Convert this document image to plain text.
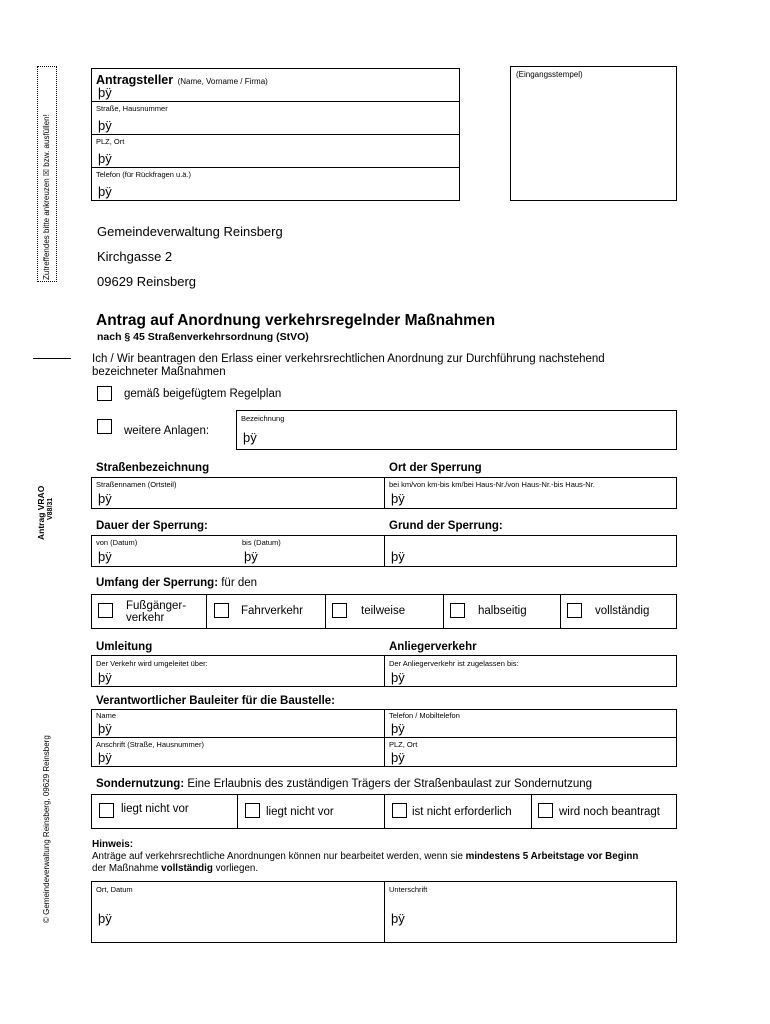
Zutreffendes bitte ankreuzen ☒ bzw. ausfüllen!
Antrag VRAO V88/31
© Gemeindeverwaltung Reinsberg, 09629 Reinsberg
Antragsteller (Name, Vorname / Firma)
þÿ
Straße, Hausnummer
þÿ
PLZ, Ort
þÿ
Telefon (für Rückfragen u.ä.)
þÿ
(Eingangsstempel)
Gemeindeverwaltung Reinsberg
Kirchgasse 2
09629 Reinsberg
Antrag auf Anordnung verkehrsregelnder Maßnahmen
nach § 45 Straßenverkehrsordnung (StVO)
Ich / Wir beantragen den Erlass einer verkehrsrechtlichen Anordnung zur Durchführung nachstehend
bezeichneter Maßnahmen
gemäß beigefügtem Regelplan
weitere Anlagen:
Bezeichnung
þÿ
Straßenbezeichnung	Ort der Sperrung
Straßennamen (Ortsteil)
þÿ
bei km/von km-bis km/bei Haus-Nr./von Haus-Nr.-bis Haus-Nr.
þÿ
Dauer der Sperrung:	Grund der Sperrung:
von (Datum)
þÿ
bis (Datum)
þÿ	þÿ
Umfang der Sperrung: für den
Fußgänger-
verkehr
Fahrverkehr	teilweise	halbseitig	vollständig
Umleitung	Anliegerverkehr
Der Verkehr wird umgeleitet über:
þÿ
Der Anliegerverkehr ist zugelassen bis:
þÿ
Verantwortlicher Bauleiter für die Baustelle:
Name
þÿ
Telefon / Mobiltelefon
þÿ
Anschrift (Straße, Hausnummer)
þÿ
PLZ, Ort
þÿ
Sondernutzung: Eine Erlaubnis des zuständigen Trägers der Straßenbaulast zur Sondernutzung
liegt nicht vor	liegt nicht vor	ist nicht erforderlich	wird noch beantragt
Hinweis:
Anträge auf verkehrsrechtliche Anordnungen können nur bearbeitet werden, wenn sie mindestens 5 Arbeitstage vor Beginn
der Maßnahme vollständig vorliegen.
Ort, Datum
þÿ
Unterschrift
þÿ
